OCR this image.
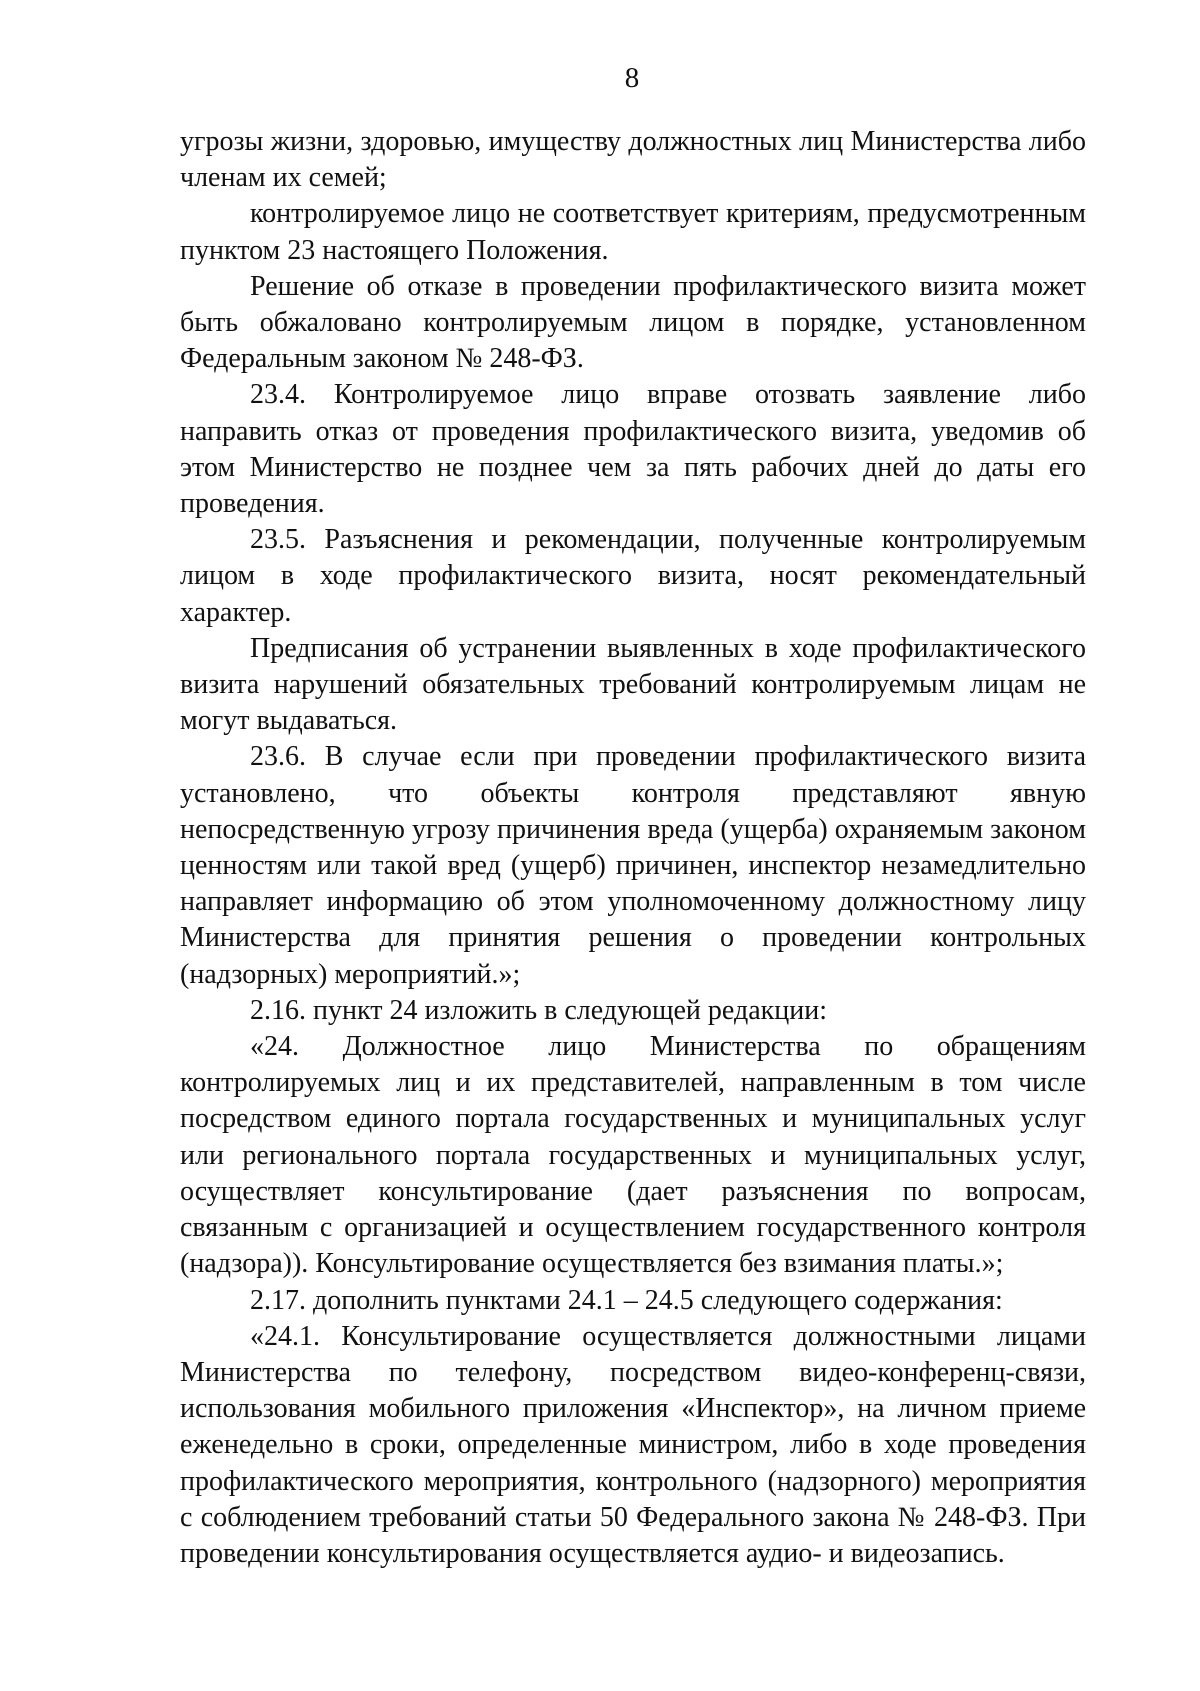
8

угрозы жизни, здоровью, имуществу должностных лиц Министерства либо членам их семей;

контролируемое лицо не соответствует критериям, предусмотренным пунктом 23 настоящего Положения.

Решение об отказе в проведении профилактического визита может быть обжаловано контролируемым лицом в порядке, установленном Федеральным законом № 248-ФЗ.

23.4. Контролируемое лицо вправе отозвать заявление либо направить отказ от проведения профилактического визита, уведомив об этом Министерство не позднее чем за пять рабочих дней до даты его проведения.

23.5. Разъяснения и рекомендации, полученные контролируемым лицом в ходе профилактического визита, носят рекомендательный характер.

Предписания об устранении выявленных в ходе профилактического визита нарушений обязательных требований контролируемым лицам не могут выдаваться.

23.6. В случае если при проведении профилактического визита установлено, что объекты контроля представляют явную непосредственную угрозу причинения вреда (ущерба) охраняемым законом ценностям или такой вред (ущерб) причинен, инспектор незамедлительно направляет информацию об этом уполномоченному должностному лицу Министерства для принятия решения о проведении контрольных (надзорных) мероприятий.»;

2.16. пункт 24 изложить в следующей редакции:

«24. Должностное лицо Министерства по обращениям контролируемых лиц и их представителей, направленным в том числе посредством единого портала государственных и муниципальных услуг или регионального портала государственных и муниципальных услуг, осуществляет консультирование (дает разъяснения по вопросам, связанным с организацией и осуществлением государственного контроля (надзора)). Консультирование осуществляется без взимания платы.»;

2.17. дополнить пунктами 24.1 – 24.5 следующего содержания:

«24.1. Консультирование осуществляется должностными лицами Министерства по телефону, посредством видео-конференц-связи, использования мобильного приложения «Инспектор», на личном приеме еженедельно в сроки, определенные министром, либо в ходе проведения профилактического мероприятия, контрольного (надзорного) мероприятия с соблюдением требований статьи 50 Федерального закона № 248-ФЗ. При проведении консультирования осуществляется аудио- и видеозапись.
